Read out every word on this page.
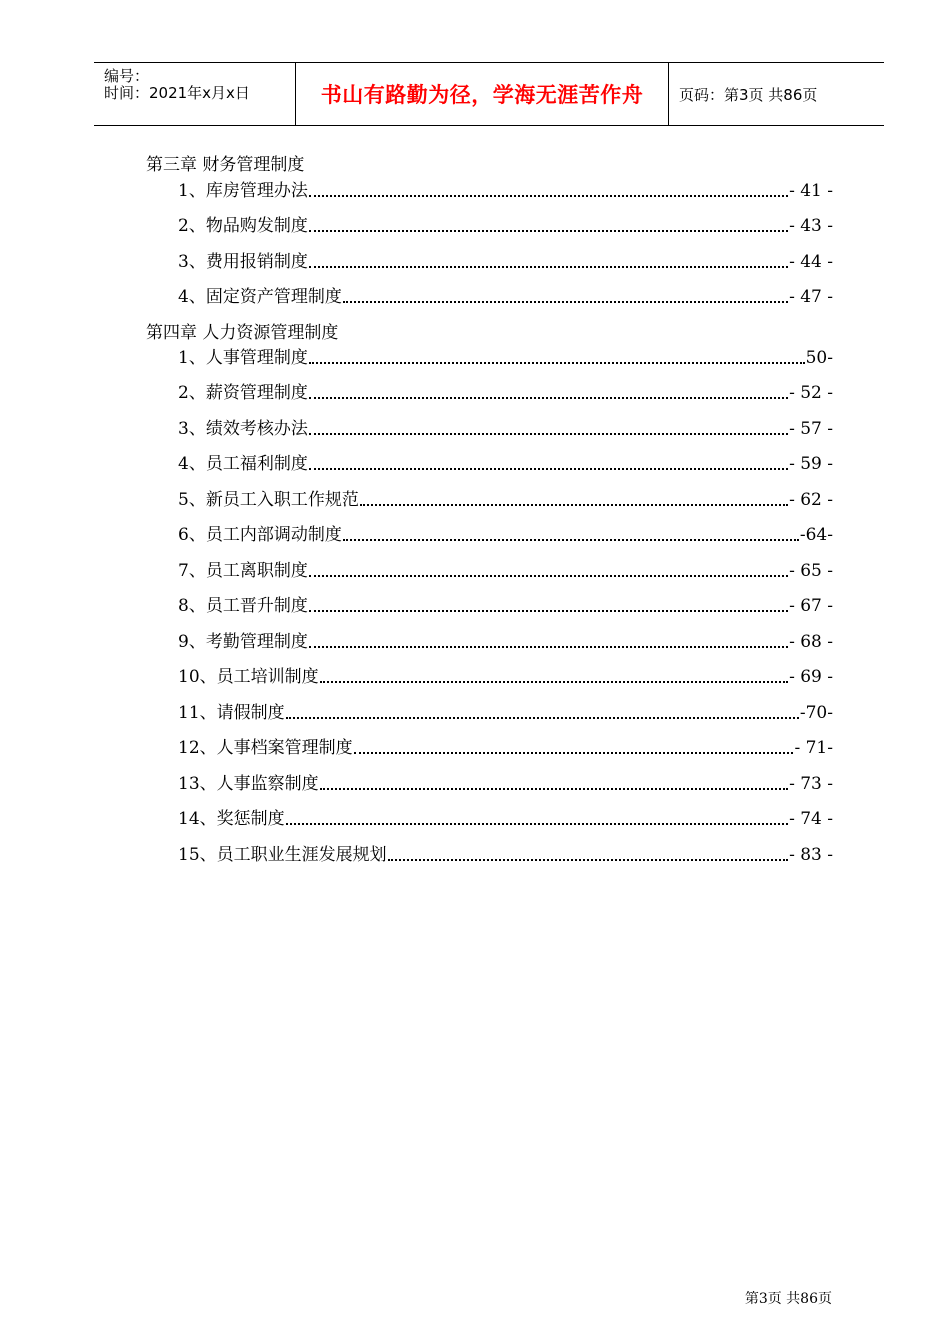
编号：
时间：2021年x月x日	书山有路勤为径，学海无涯苦作舟 页码：第3页 共86页
第三章 财务管理制度
1、库房管理办法	- 41 -
2、物品购发制度	- 43 -
3、费用报销制度	- 44 -
4、固定资产管理制度	- 47 -
第四章 人力资源管理制度
1、人事管理制度	50-
2、薪资管理制度	- 52 -
3、绩效考核办法	- 57 -
4、员工福利制度	- 59 -
5、新员工入职工作规范	- 62 -
6、员工内部调动制度	-64-
7、员工离职制度	- 65 -
8、员工晋升制度	- 67 -
9、考勤管理制度	- 68 -
10、员工培训制度	- 69 -
11、请假制度	-70-
12、人事档案管理制度	- 71-
13、人事监察制度	- 73 -
14、奖惩制度	- 74 -
15、员工职业生涯发展规划	- 83 -
第3页 共86页
